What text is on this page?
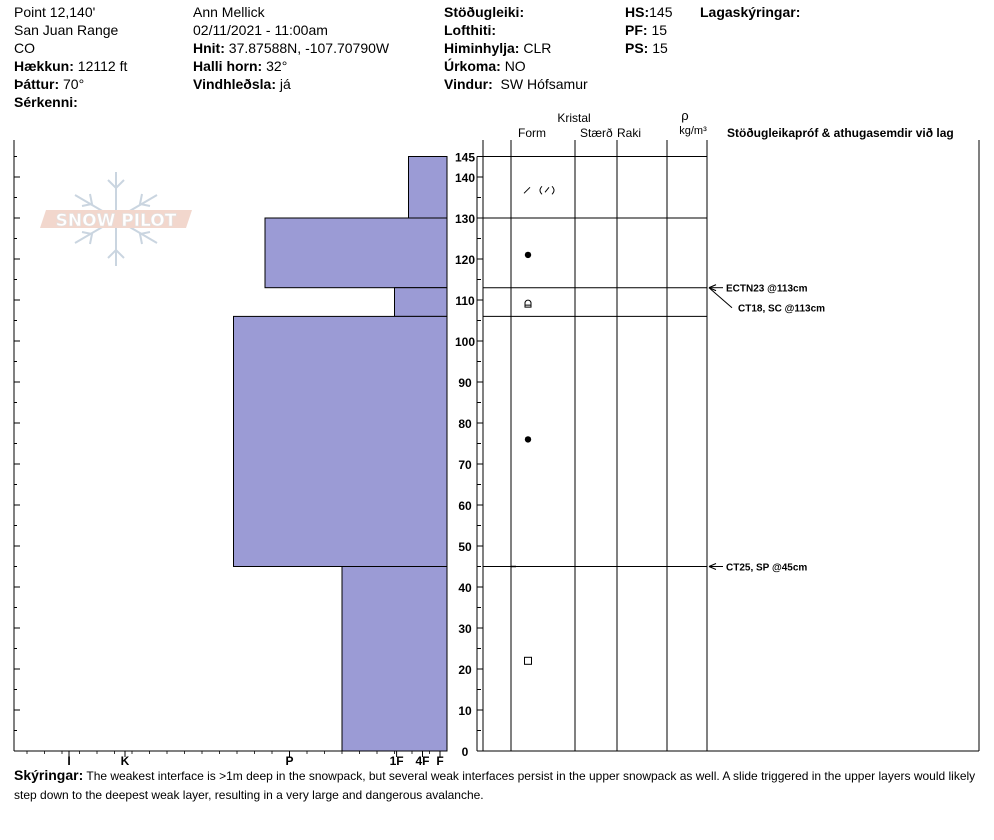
Point 12,140'
San Juan Range
CO
Hækkun: 12112 ft
Þáttur: 70°
Sérkenni:
Ann Mellick
02/11/2021 - 11:00am
Hnit: 37.87588N, -107.70790W
Halli horn: 32°
Vindhleðsla: já
Stöðugleiki:
Lofthiti:
Himinhylja: CLR
Úrkoma: NO
Vindur: SW Hófsamur
HS:145
PF: 15
PS: 15
Lagaskýringar:
SNOW PILOT
I	K	P	1F 4F F
0
10
20
30
40
50
60
70
80
90
100
110
120
130
140
145
Kristal
Form	Stærð Raki
ρ
kg/m³ Stöðugleikapróf & athugasemdir við lag
ECTN23 @113cm
CT18, SC @113cm
CT25, SP @45cm
Skýringar: The weakest interface is >1m deep in the snowpack, but several weak interfaces persist in the upper snowpack as well. A slide triggered in the upper layers would likely step down to the deepest weak layer, resulting in a very large and dangerous avalanche.
